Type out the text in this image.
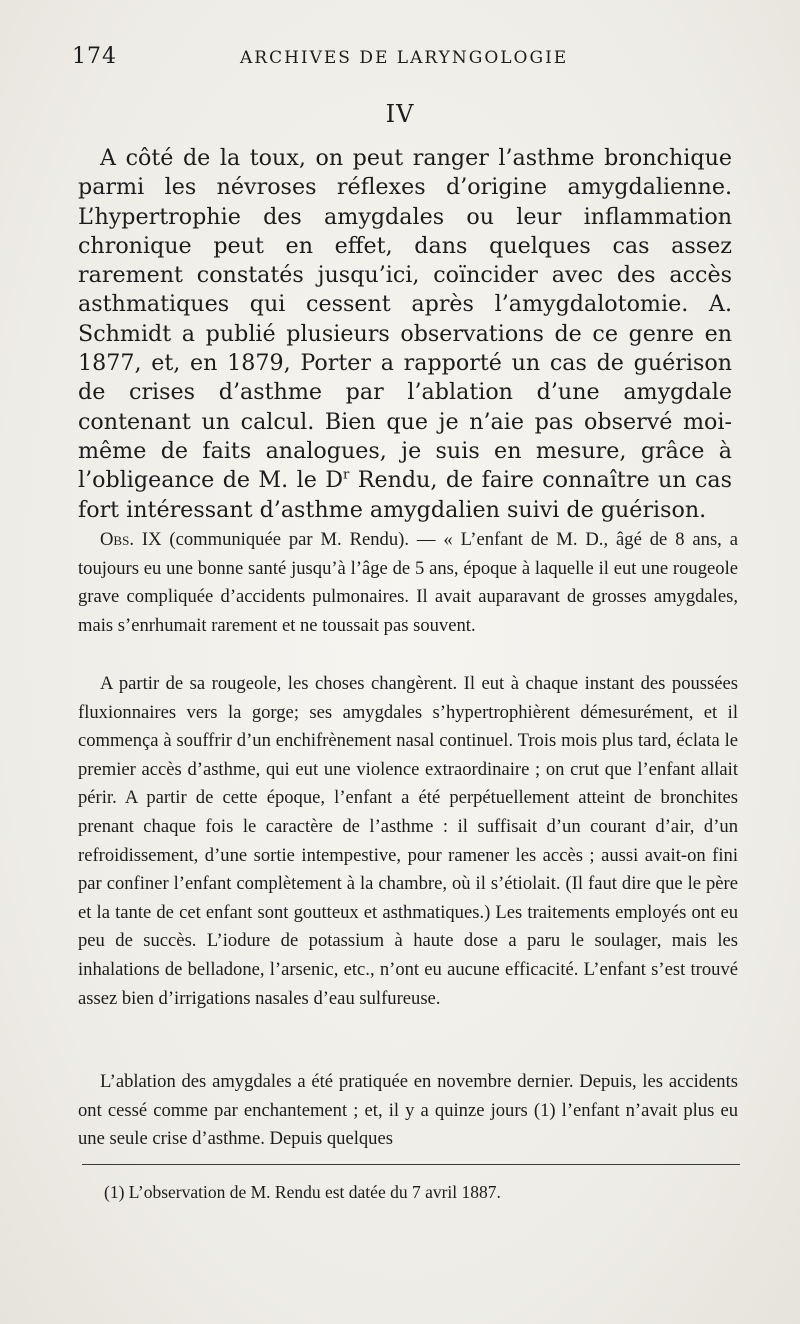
174	ARCHIVES DE LARYNGOLOGIE
IV

A côté de la toux, on peut ranger l’asthme bronchique parmi les névroses réflexes d’origine amygdalienne. L’hypertrophie des amygdales ou leur inflammation chronique peut en effet, dans quelques cas assez rarement constatés jusqu’ici, coïncider avec des accès asthmatiques qui cessent après l’amygdalotomie. A. Schmidt a publié plusieurs observations de ce genre en 1877, et, en 1879, Porter a rapporté un cas de guérison de crises d’asthme par l’ablation d’une amygdale contenant un calcul. Bien que je n’aie pas observé moi-même de faits analogues, je suis en mesure, grâce à l’obligeance de M. le $D^r$ Rendu, de faire connaître un cas fort intéressant d’asthme amygdalien suivi de guérison.

Obs. IX (communiquée par M. Rendu). — « L’enfant de M. D., âgé de 8 ans, a toujours eu une bonne santé jusqu’à l’âge de 5 ans, époque à laquelle il eut une rougeole grave compliquée d’accidents pulmonaires. Il avait auparavant de grosses amygdales, mais s’enrhumait rarement et ne toussait pas souvent.

A partir de sa rougeole, les choses changèrent. Il eut à chaque instant des poussées fluxionnaires vers la gorge; ses amygdales s’hypertrophièrent démesurément, et il commença à souffrir d’un enchifrènement nasal continuel. Trois mois plus tard, éclata le premier accès d’asthme, qui eut une violence extraordinaire ; on crut que l’enfant allait périr. A partir de cette époque, l’enfant a été perpétuellement atteint de bronchites prenant chaque fois le caractère de l’asthme : il suffisait d’un courant d’air, d’un refroidissement, d’une sortie intempestive, pour ramener les accès ; aussi avait-on fini par confiner l’enfant complètement à la chambre, où il s’étiolait. (Il faut dire que le père et la tante de cet enfant sont goutteux et asthmatiques.) Les traitements employés ont eu peu de succès. L’iodure de potassium à haute dose a paru le soulager, mais les inhalations de belladone, l’arsenic, etc., n’ont eu aucune efficacité. L’enfant s’est trouvé assez bien d’irrigations nasales d’eau sulfureuse.

L’ablation des amygdales a été pratiquée en novembre dernier. Depuis, les accidents ont cessé comme par enchantement ; et, il y a quinze jours (1) l’enfant n’avait plus eu une seule crise d’asthme. Depuis quelques

(1) L’observation de M. Rendu est datée du 7 avril 1887.
